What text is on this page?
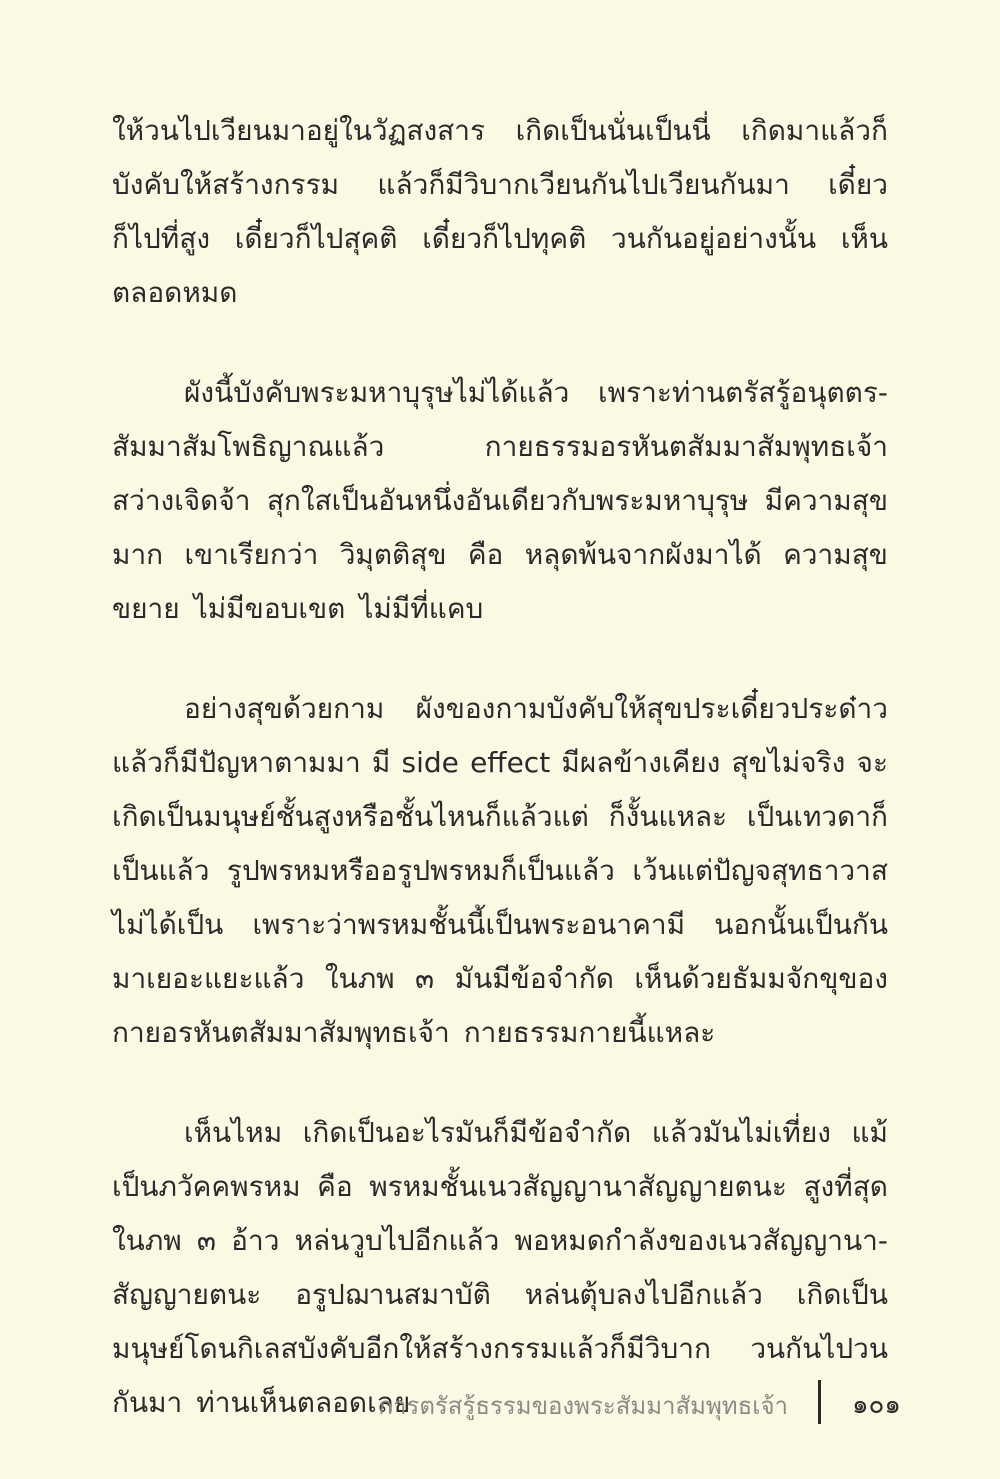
ให้วนไปเวียนมาอยู่ในวัฏสงสาร เกิดเป็นนั่นเป็นนี่ เกิดมาแล้วก็
บังคับให้สร้างกรรม แล้วก็มีวิบากเวียนกันไปเวียนกันมา เดี๋ยว
ก็ไปที่สูง เดี๋ยวก็ไปสุคติ เดี๋ยวก็ไปทุคติ วนกันอยู่อย่างนั้น เห็น
ตลอดหมด
ผังนี้บังคับพระมหาบุรุษไม่ได้แล้ว เพราะท่านตรัสรู้อนุตตร-
สัมมาสัมโพธิญาณแล้ว	กายธรรมอรหันตสัมมาสัมพุทธเจ้า
สว่างเจิดจ้า สุกใสเป็นอันหนึ่งอันเดียวกับพระมหาบุรุษ มีความสุข
มาก เขาเรียกว่า วิมุตติสุข คือ หลุดพ้นจากผังมาได้ ความสุข
ขยาย ไม่มีขอบเขต ไม่มีที่แคบ
อย่างสุขด้วยกาม ผังของกามบังคับให้สุขประเดี๋ยวประด๋าว
แล้วก็มีปัญหาตามมา มี side effect มีผลข้างเคียง สุขไม่จริง จะ
เกิดเป็นมนุษย์ชั้นสูงหรือชั้นไหนก็แล้วแต่ ก็งั้นแหละ เป็นเทวดาก็
เป็นแล้ว รูปพรหมหรืออรูปพรหมก็เป็นแล้ว เว้นแต่ปัญจสุทธาวาส
ไม่ได้เป็น เพราะว่าพรหมชั้นนี้เป็นพระอนาคามี นอกนั้นเป็นกัน
มาเยอะแยะแล้ว ในภพ ๓ มันมีข้อจำกัด เห็นด้วยธัมมจักขุของ
กายอรหันตสัมมาสัมพุทธเจ้า กายธรรมกายนี้แหละ
เห็นไหม เกิดเป็นอะไรมันก็มีข้อจำกัด แล้วมันไม่เที่ยง แม้
เป็นภวัคคพรหม คือ พรหมชั้นเนวสัญญานาสัญญายตนะ สูงที่สุด
ในภพ ๓ อ้าว หล่นวูบไปอีกแล้ว พอหมดกำลังของเนวสัญญานา-
สัญญายตนะ อรูปฌานสมาบัติ หล่นตุ้บลงไปอีกแล้ว เกิดเป็น
มนุษย์โดนกิเลสบังคับอีกให้สร้างกรรมแล้วก็มีวิบาก วนกันไปวน
กันมา ท่านเห็นตลอดเลย
การตรัสรู้ธรรมของพระสัมมาสัมพุทธเจ้า ๑๐๑
